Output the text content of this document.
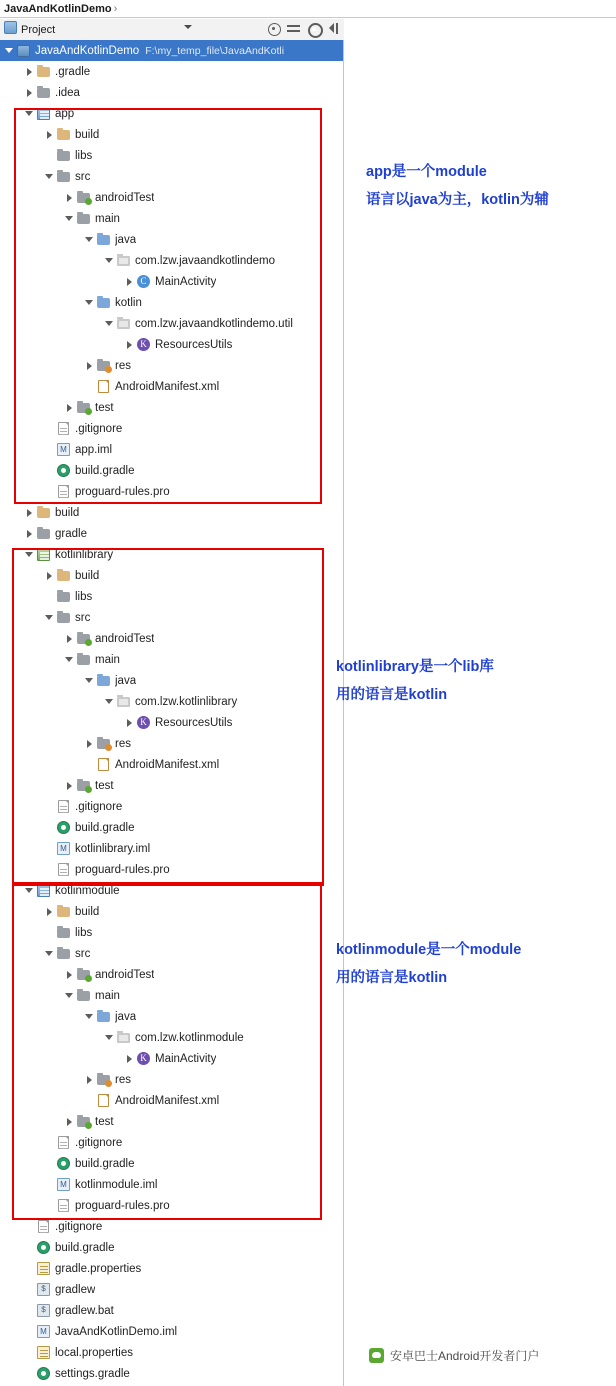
JavaAndKotlinDemo ›
Project
JavaAndKotlinDemo F:\my_temp_file\JavaAndKotli
.gradle
.idea
app
build
libs
src
androidTest
main
java
com.lzw.javaandkotlindemo
C MainActivity
kotlin
com.lzw.javaandkotlindemo.util
K ResourcesUtils
res
AndroidManifest.xml
test
.gitignore
M app.iml
build.gradle
proguard-rules.pro
build
gradle
kotlinlibrary
build
libs
src
androidTest
main
java
com.lzw.kotlinlibrary
K ResourcesUtils
res
AndroidManifest.xml
test
.gitignore
build.gradle
M kotlinlibrary.iml
proguard-rules.pro
kotlinmodule
build
libs
src
androidTest
main
java
com.lzw.kotlinmodule
K MainActivity
res
AndroidManifest.xml
test
.gitignore
build.gradle
M kotlinmodule.iml
proguard-rules.pro
.gitignore
build.gradle
gradle.properties
$ gradlew
$ gradlew.bat
M JavaAndKotlinDemo.iml
local.properties
settings.gradle
app是一个module
语言以java为主，kotlin为辅
kotlinlibrary是一个lib库
用的语言是kotlin
kotlinmodule是一个module
用的语言是kotlin
安卓巴士Android开发者门户
